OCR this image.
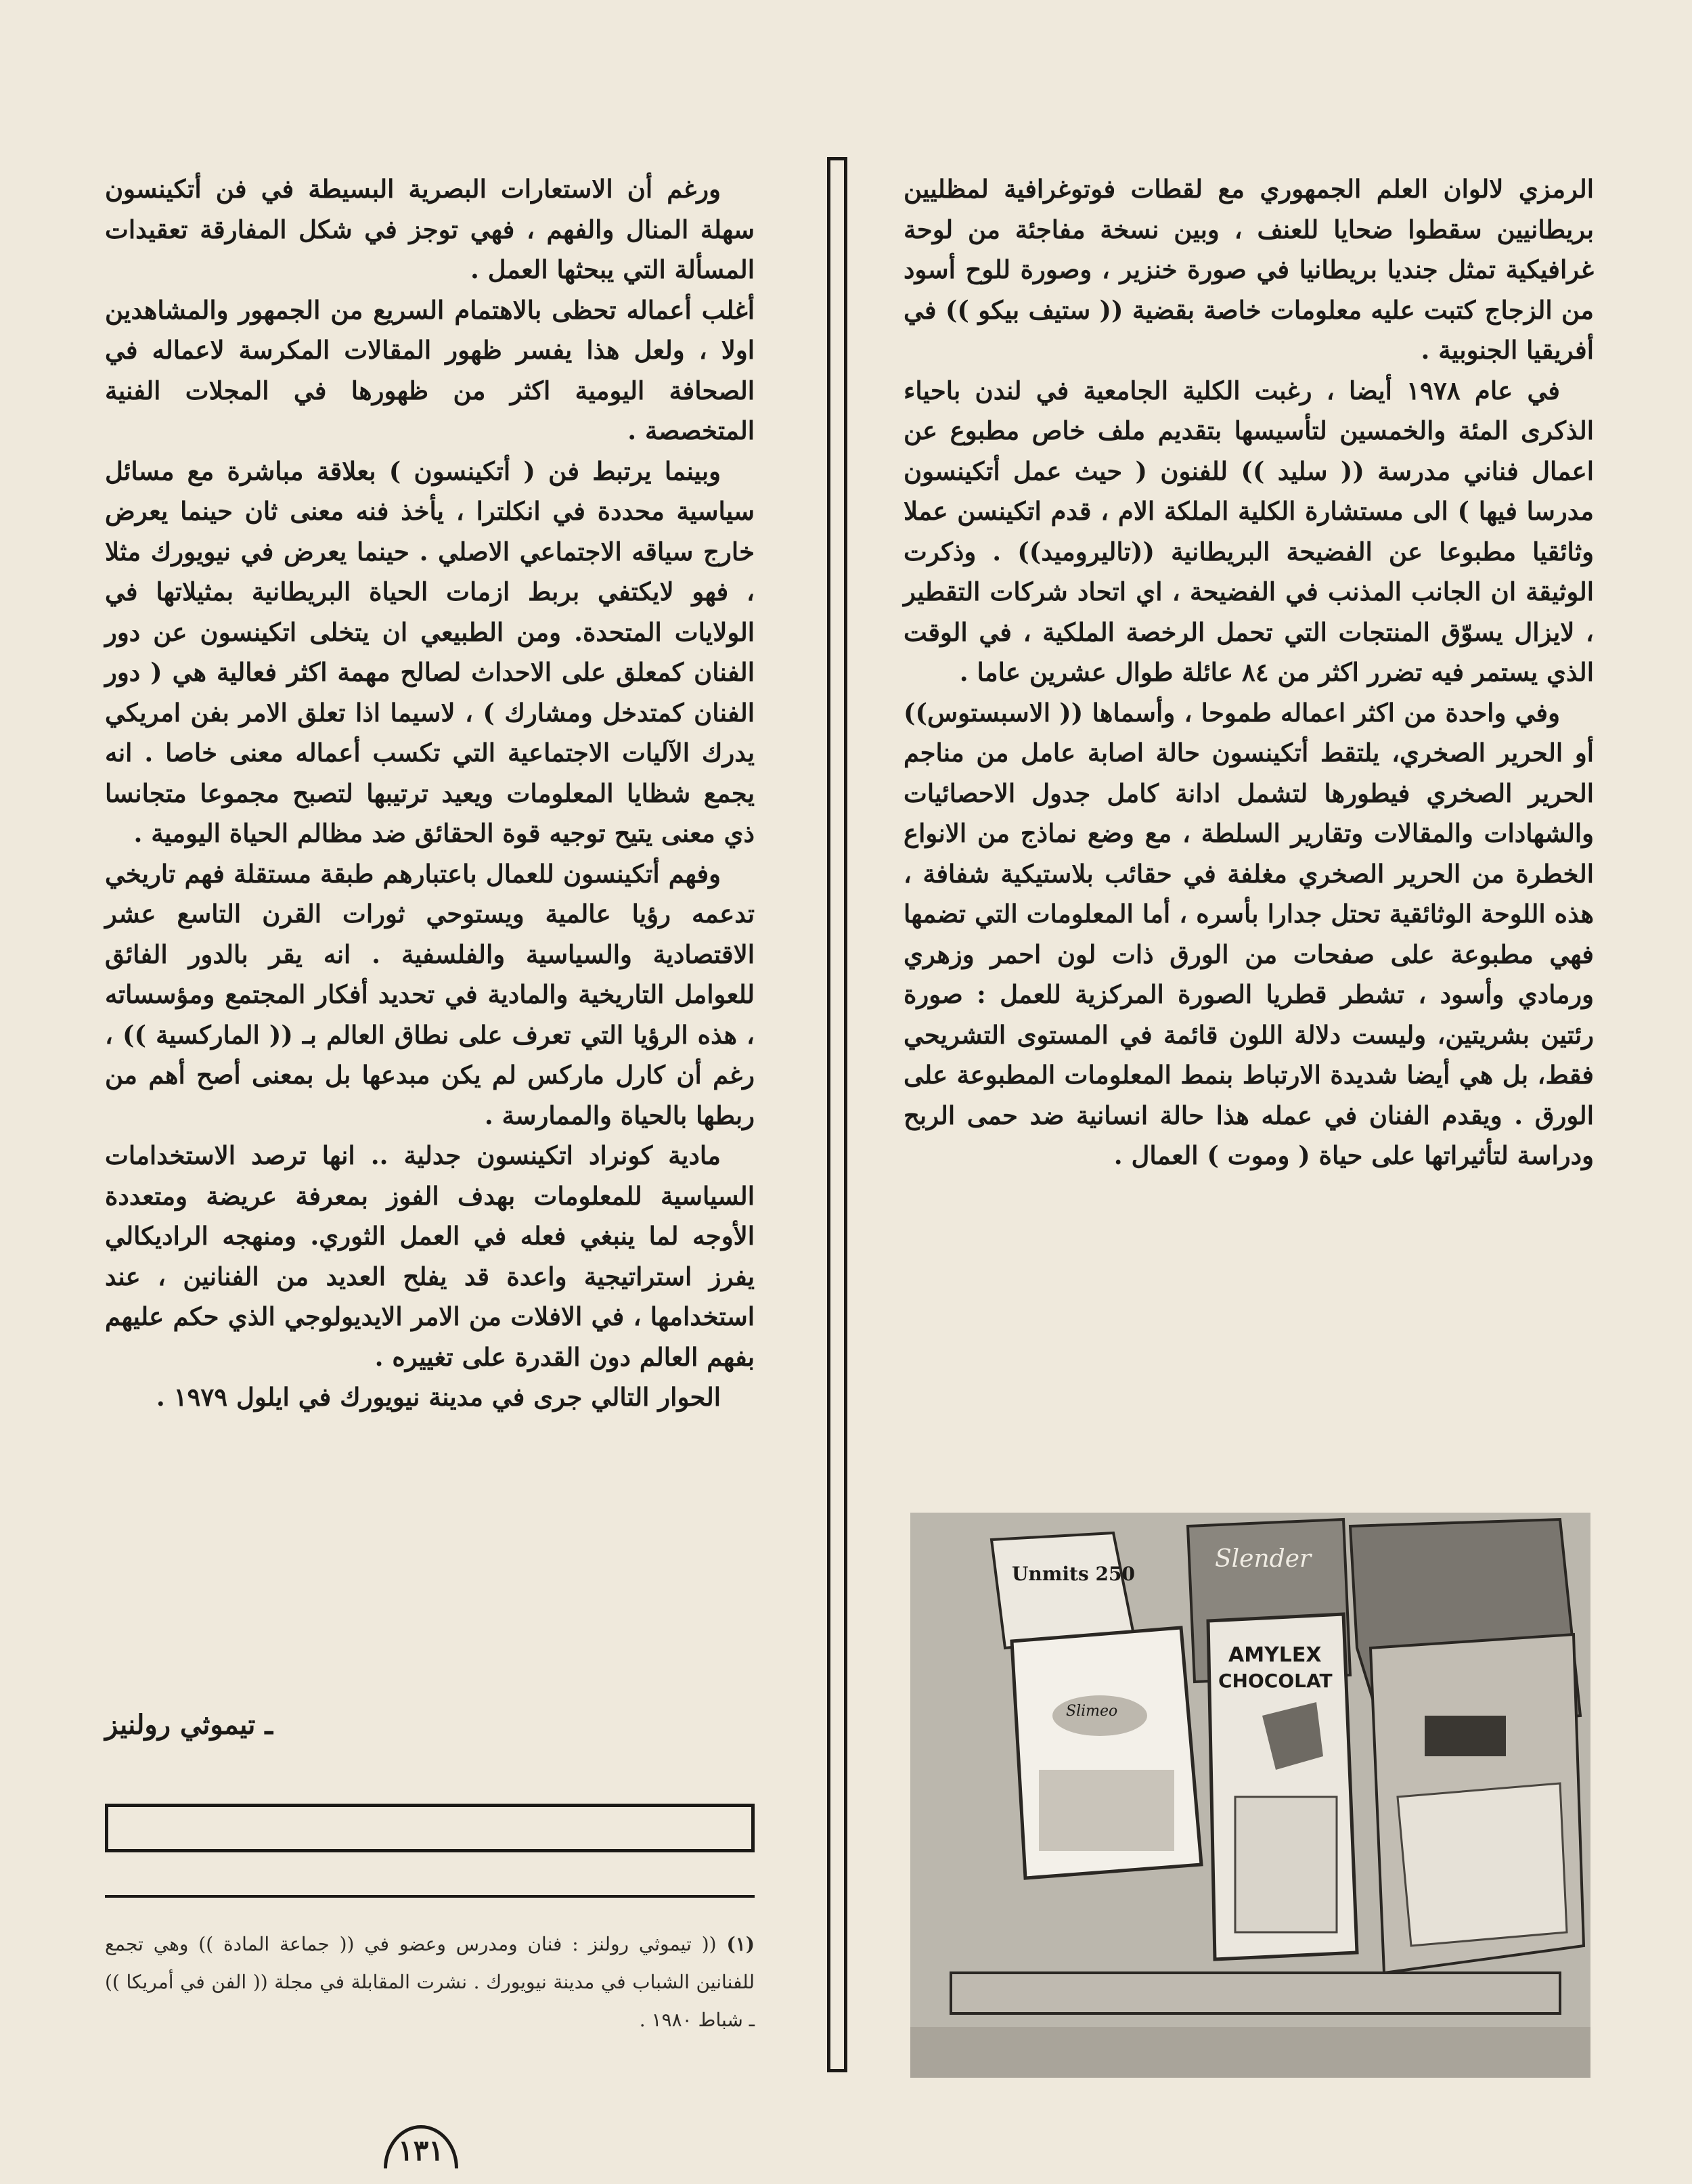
الرمزي لالوان العلم الجمهوري مع لقطات فوتوغرافية لمظليين بريطانيين سقطوا ضحايا للعنف ، وبين نسخة مفاجئة من لوحة غرافيكية تمثل جنديا بريطانيا في صورة خنزير ، وصورة للوح أسود من الزجاج كتبت عليه معلومات خاصة بقضية (( ستيف بيكو )) في أفريقيا الجنوبية .

في عام ١٩٧٨ أيضا ، رغبت الكلية الجامعية في لندن باحياء الذكرى المئة والخمسين لتأسيسها بتقديم ملف خاص مطبوع عن اعمال فناني مدرسة (( سليد )) للفنون ( حيث عمل أتكينسون مدرسا فيها ) الى مستشارة الكلية الملكة الام ، قدم اتكينسن عملا وثائقيا مطبوعا عن الفضيحة البريطانية ((تاليروميد)) . وذكرت الوثيقة ان الجانب المذنب في الفضيحة ، اي اتحاد شركات التقطير ، لايزال يسوّق المنتجات التي تحمل الرخصة الملكية ، في الوقت الذي يستمر فيه تضرر اكثر من ٨٤ عائلة طوال عشرين عاما .

وفي واحدة من اكثر اعماله طموحا ، وأسماها (( الاسبستوس)) أو الحرير الصخري، يلتقط أتكينسون حالة اصابة عامل من مناجم الحرير الصخري فيطورها لتشمل ادانة كامل جدول الاحصائيات والشهادات والمقالات وتقارير السلطة ، مع وضع نماذج من الانواع الخطرة من الحرير الصخري مغلفة في حقائب بلاستيكية شفافة ، هذه اللوحة الوثائقية تحتل جدارا بأسره ، أما المعلومات التي تضمها فهي مطبوعة على صفحات من الورق ذات لون احمر وزهري ورمادي وأسود ، تشطر قطريا الصورة المركزية للعمل : صورة رئتين بشريتين، وليست دلالة اللون قائمة في المستوى التشريحي فقط، بل هي أيضا شديدة الارتباط بنمط المعلومات المطبوعة على الورق . ويقدم الفنان في عمله هذا حالة انسانية ضد حمى الربح ودراسة لتأثيراتها على حياة ( وموت ) العمال .

ورغم أن الاستعارات البصرية البسيطة في فن أتكينسون سهلة المنال والفهم ، فهي توجز في شكل المفارقة تعقيدات المسألة التي يبحثها العمل .

أغلب أعماله تحظى بالاهتمام السريع من الجمهور والمشاهدين اولا ، ولعل هذا يفسر ظهور المقالات المكرسة لاعماله في الصحافة اليومية اكثر من ظهورها في المجلات الفنية المتخصصة .

وبينما يرتبط فن ( أتكينسون ) بعلاقة مباشرة مع مسائل سياسية محددة في انكلترا ، يأخذ فنه معنى ثان حينما يعرض خارج سياقه الاجتماعي الاصلي . حينما يعرض في نيويورك مثلا ، فهو لايكتفي بربط ازمات الحياة البريطانية بمثيلاتها في الولايات المتحدة. ومن الطبيعي ان يتخلى اتكينسون عن دور الفنان كمعلق على الاحداث لصالح مهمة اكثر فعالية هي ( دور الفنان كمتدخل ومشارك ) ، لاسيما اذا تعلق الامر بفن امريكي يدرك الآليات الاجتماعية التي تكسب أعماله معنى خاصا . انه يجمع شظايا المعلومات ويعيد ترتيبها لتصبح مجموعا متجانسا ذي معنى يتيح توجيه قوة الحقائق ضد مظالم الحياة اليومية .

وفهم أتكينسون للعمال باعتبارهم طبقة مستقلة فهم تاريخي تدعمه رؤيا عالمية ويستوحي ثورات القرن التاسع عشر الاقتصادية والسياسية والفلسفية . انه يقر بالدور الفائق للعوامل التاريخية والمادية في تحديد أفكار المجتمع ومؤسساته ، هذه الرؤيا التي تعرف على نطاق العالم بـ (( الماركسية )) ، رغم أن كارل ماركس لم يكن مبدعها بل بمعنى أصح أهم من ربطها بالحياة والممارسة .

مادية كونراد اتكينسون جدلية .. انها ترصد الاستخدامات السياسية للمعلومات بهدف الفوز بمعرفة عريضة ومتعددة الأوجه لما ينبغي فعله في العمل الثوري. ومنهجه الراديكالي يفرز استراتيجية واعدة قد يفلح العديد من الفنانين ، عند استخدامها ، في الافلات من الامر الايديولوجي الذي حكم عليهم بفهم العالم دون القدرة على تغييره .

الحوار التالي جرى في مدينة نيويورك في ايلول ١٩٧٩ .

ـ تيموثي رولنيز
(١) (( تيموثي رولنز : فنان ومدرس وعضو في (( جماعة المادة )) وهي تجمع للفنانين الشباب في مدينة نيويورك . نشرت المقابلة في مجلة (( الفن في أمريكا )) ـ شباط ١٩٨٠ .
Unmits 250
Slimeo
Slender
AMYLEX
CHOCOLAT
١٣١
